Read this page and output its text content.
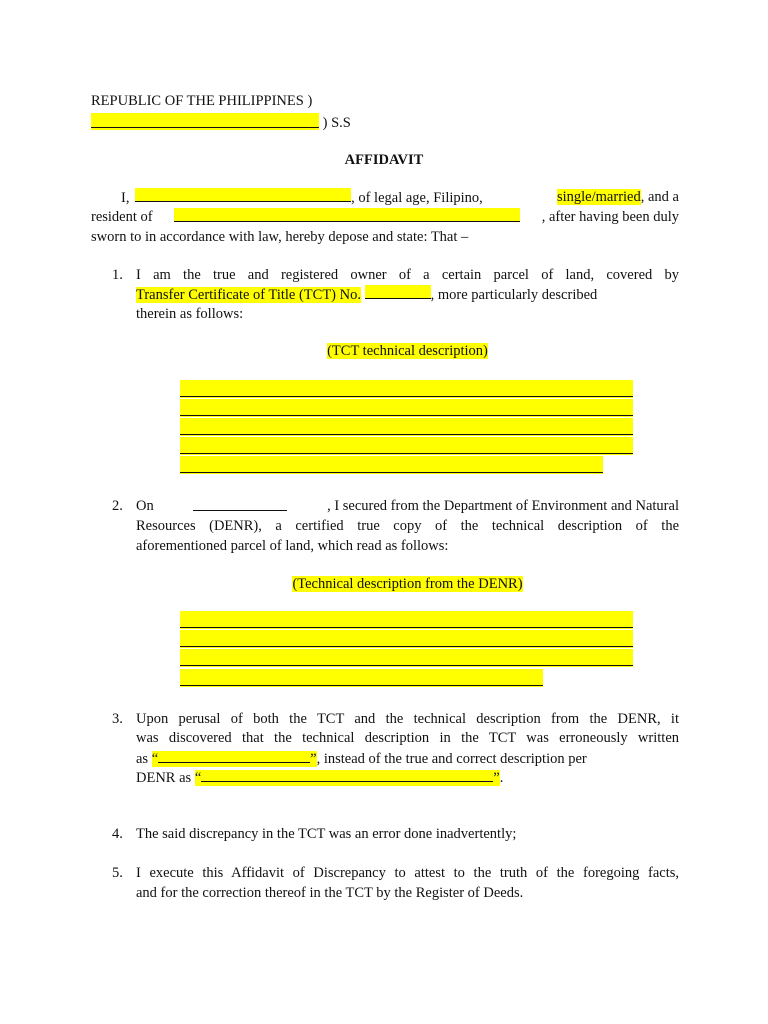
REPUBLIC OF THE PHILIPPINES )
) S.S
AFFIDAVIT
I,	, of legal age, Filipino,	single/married, and a
resident of	, after having been duly
sworn to in accordance with law, hereby depose and state: That –
1. I am the true and registered owner of a certain parcel of land, covered by
Transfer Certificate of Title (TCT) No.	, more particularly described
therein as follows:
(TCT technical description)
2. On	, I secured from the Department of Environment and Natural
Resources (DENR), a certified true copy of the technical description of the
aforementioned parcel of land, which read as follows:
(Technical description from the DENR)
3. Upon perusal of both the TCT and the technical description from the DENR, it
was discovered that the technical description in the TCT was erroneously written
as “	”, instead of the true and correct description per
DENR as “	”.
4. The said discrepancy in the TCT was an error done inadvertently;
5. I execute this Affidavit of Discrepancy to attest to the truth of the foregoing facts,
and for the correction thereof in the TCT by the Register of Deeds.
